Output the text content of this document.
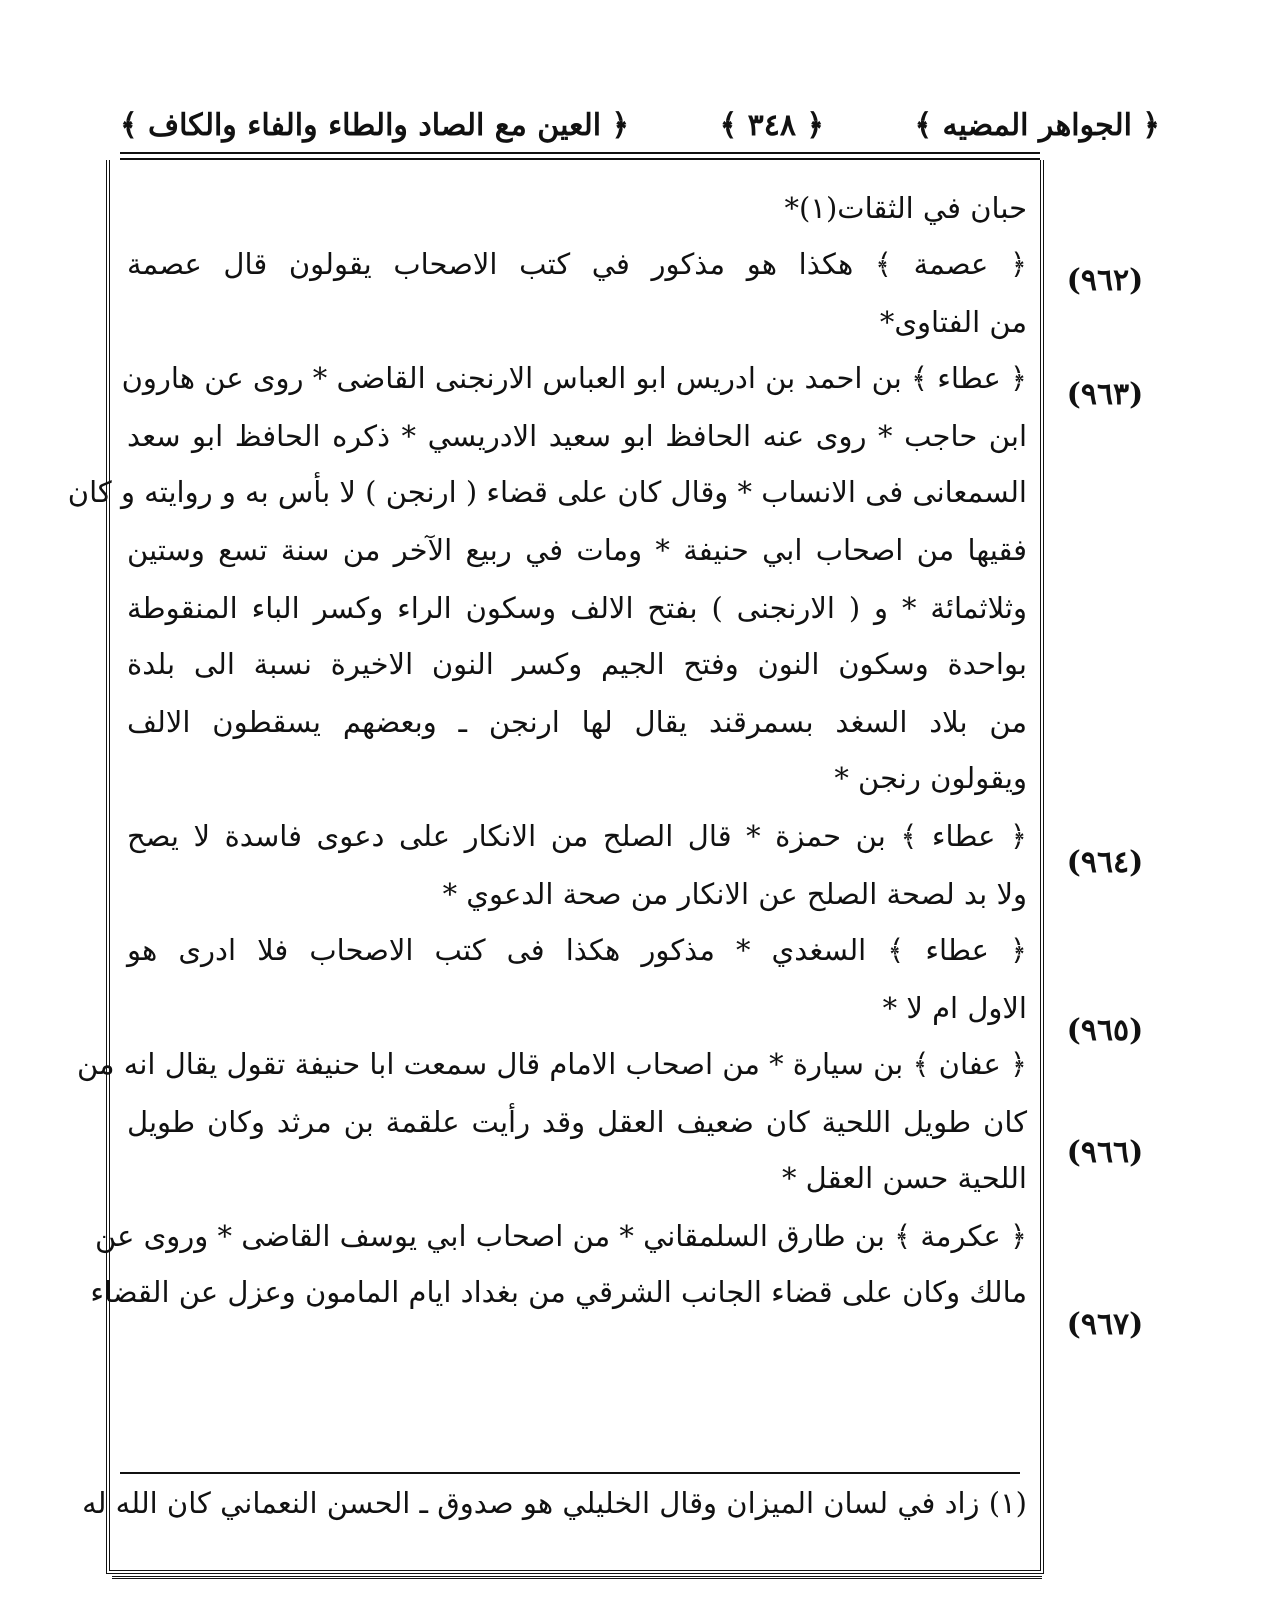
﴿ الجواهر المضيه ﴾
﴿ ٣٤٨ ﴾
﴿ العين مع الصاد والطاء والفاء والكاف ﴾
(٩٦٢)
(٩٦٣)
(٩٦٤)
(٩٦٥)
(٩٦٦)
(٩٦٧)
حبان في الثقات(١)*
﴿ عصمة ﴾ هكذا هو مذكور في كتب الاصحاب يقولون قال عصمة
من الفتاوى*
﴿ عطاء ﴾ بن احمد بن ادريس ابو العباس الارنجنى القاضى * روى عن هارون
ابن حاجب * روى عنه الحافظ ابو سعيد الادريسي * ذكره الحافظ ابو سعد
السمعانى فى الانساب * وقال كان على قضاء ( ارنجن ) لا بأس به و روايته و كان
فقيها من اصحاب ابي حنيفة * ومات في ربيع الآخر من سنة تسع وستين
وثلاثمائة * و ( الارنجنى ) بفتح الالف وسكون الراء وكسر الباء المنقوطة
بواحدة وسكون النون وفتح الجيم وكسر النون الاخيرة نسبة الى بلدة
من بلاد السغد بسمرقند يقال لها ارنجن ـ وبعضهم يسقطون الالف
ويقولون رنجن *
﴿ عطاء ﴾ بن حمزة * قال الصلح من الانكار على دعوى فاسدة لا يصح
ولا بد لصحة الصلح عن الانكار من صحة الدعوي *
﴿ عطاء ﴾ السغدي * مذكور هكذا فى كتب الاصحاب فلا ادرى هو
الاول ام لا *
﴿ عفان ﴾ بن سيارة * من اصحاب الامام قال سمعت ابا حنيفة تقول يقال انه من
كان طويل اللحية كان ضعيف العقل وقد رأيت علقمة بن مرثد وكان طويل
اللحية حسن العقل *
﴿ عكرمة ﴾ بن طارق السلمقاني * من اصحاب ابي يوسف القاضى * وروى عن
مالك وكان على قضاء الجانب الشرقي من بغداد ايام المامون وعزل عن القضاء
(١) زاد في لسان الميزان وقال الخليلي هو صدوق ـ الحسن النعماني كان الله له
